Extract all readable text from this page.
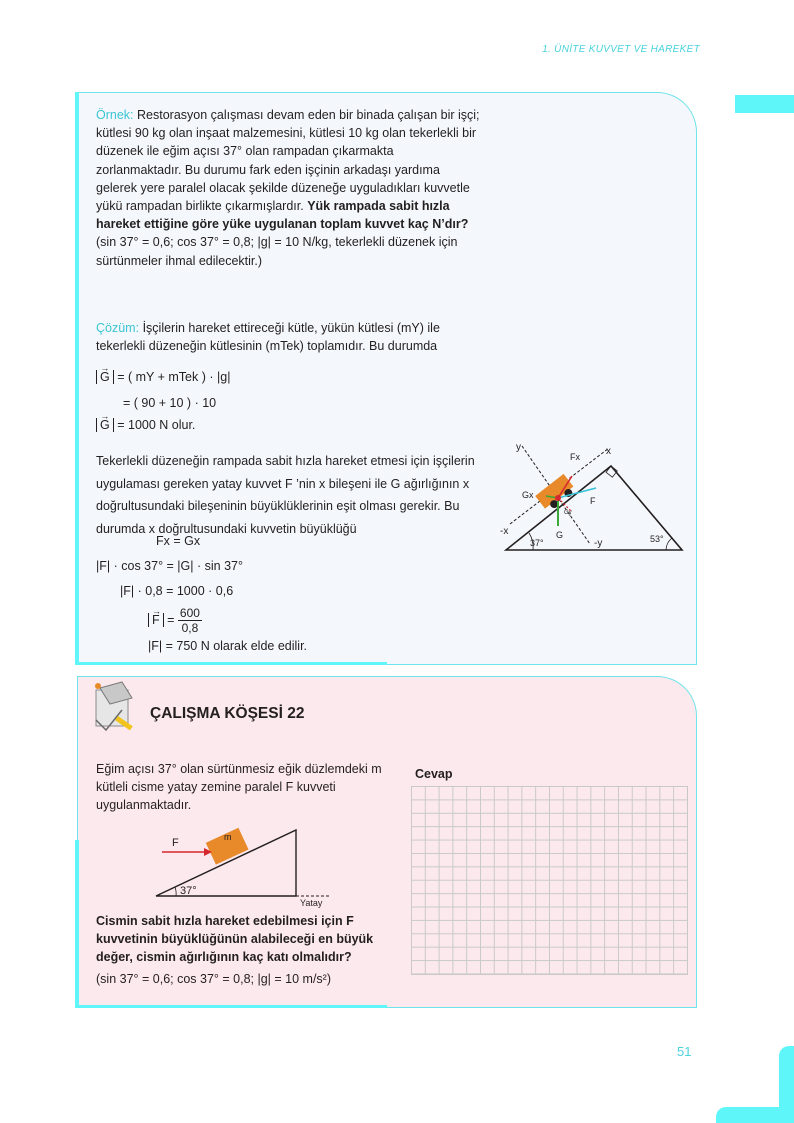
1. ÜNİTE KUVVET VE HAREKET
Örnek: Restorasyon çalışması devam eden bir binada çalışan bir işçi; kütlesi 90 kg olan inşaat malzemesini, kütlesi 10 kg olan tekerlekli bir düzenek ile eğim açısı 37° olan rampadan çıkarmakta zorlanmaktadır. Bu durumu fark eden işçinin arkadaşı yardıma gelerek yere paralel olacak şekilde düzeneğe uyguladıkları kuvvetle yükü rampadan birlikte çıkarmışlardır. Yük rampada sabit hızla hareket ettiğine göre yüke uygulanan toplam kuvvet kaç N’dır? (sin 37° = 0,6; cos 37° = 0,8; |g| = 10 N/kg, tekerlekli düzenek için sürtünmeler ihmal edilecektir.)
Çözüm: İşçilerin hareket ettireceği kütle, yükün kütlesi (mY) ile tekerlekli düzeneğin kütlesinin (mTek) toplamıdır. Bu durumda
→ G = ( mY + mTek ) · |g|
= ( 90 + 10 ) · 10
→ G = 1000 N olur.
Tekerlekli düzeneğin rampada sabit hızla hareket etmesi için işçilerin uygulaması gereken yatay kuvvet F ’nin x bileşeni ile G ağırlığının x doğrultusundaki bileşeninin büyüklüklerinin eşit olması gerekir. Bu durumda x doğrultusundaki kuvvetin büyüklüğü
Fx = Gx
|F| · cos 37° = |G| · sin 37°
|F| · 0,8 = 1000 · 0,6
→ $F = \frac{600}{0,8}$
|F| = 750 N olarak elde edilir.
y	x
-x
-y
Fx
F
Gx
G
Gy
37°	53°
ÇALIŞMA KÖŞESİ 22
Eğim açısı 37° olan sürtünmesiz eğik düzlemdeki m kütleli cisme yatay zemine paralel F kuvveti uygulanmaktadır.
F	m
37°
Yatay
Cismin sabit hızla hareket edebilmesi için F kuvvetinin büyüklüğünün alabileceği en büyük değer, cismin ağırlığının kaç katı olmalıdır?
(sin 37° = 0,6; cos 37° = 0,8; |g| = 10 m/s²)
Cevap
51
